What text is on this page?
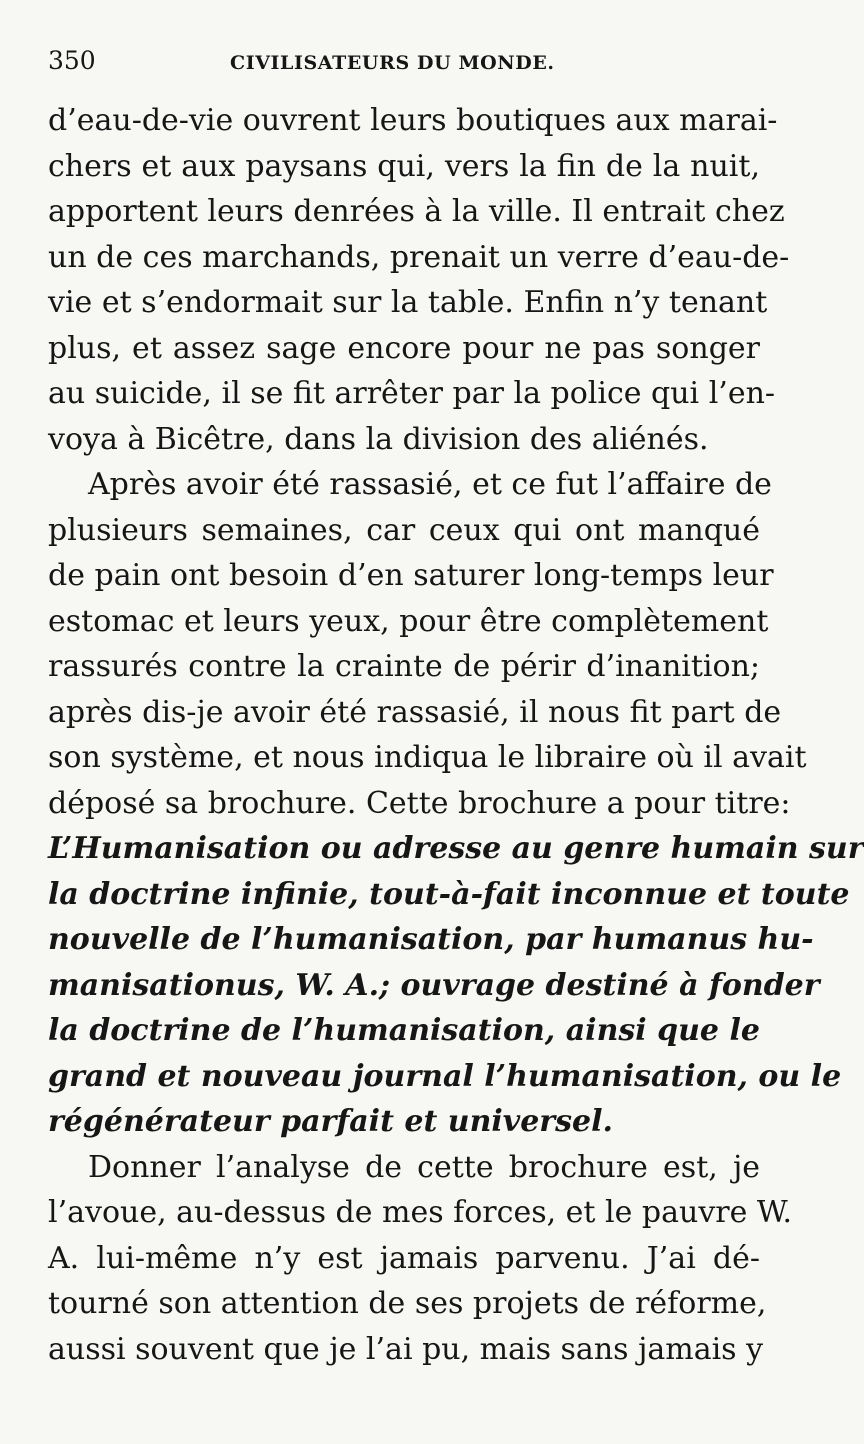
350	CIVILISATEURS DU MONDE.
d’eau-de-vie ouvrent leurs boutiques aux marai-
chers et aux paysans qui, vers la fin de la nuit,
apportent leurs denrées à la ville. Il entrait chez
un de ces marchands, prenait un verre d’eau-de-
vie et s’endormait sur la table. Enfin n’y tenant
plus, et assez sage encore pour ne pas songer
au suicide, il se fit arrêter par la police qui l’en-
voya à Bicêtre, dans la division des aliénés.
Après avoir été rassasié, et ce fut l’affaire de
plusieurs semaines, car ceux qui ont manqué
de pain ont besoin d’en saturer long-temps leur
estomac et leurs yeux, pour être complètement
rassurés contre la crainte de périr d’inanition;
après dis-je avoir été rassasié, il nous fit part de
son système, et nous indiqua le libraire où il avait
déposé sa brochure. Cette brochure a pour titre:
L’Humanisation ou adresse au genre humain sur
la doctrine infinie, tout-à-fait inconnue et toute
nouvelle de l’humanisation, par humanus hu-
manisationus, W. A.; ouvrage destiné à fonder
la doctrine de l’humanisation, ainsi que le
grand et nouveau journal l’humanisation, ou le
régénérateur parfait et universel.
Donner l’analyse de cette brochure est, je
l’avoue, au-dessus de mes forces, et le pauvre W.
A. lui-même n’y est jamais parvenu. J’ai dé-
tourné son attention de ses projets de réforme,
aussi souvent que je l’ai pu, mais sans jamais y
